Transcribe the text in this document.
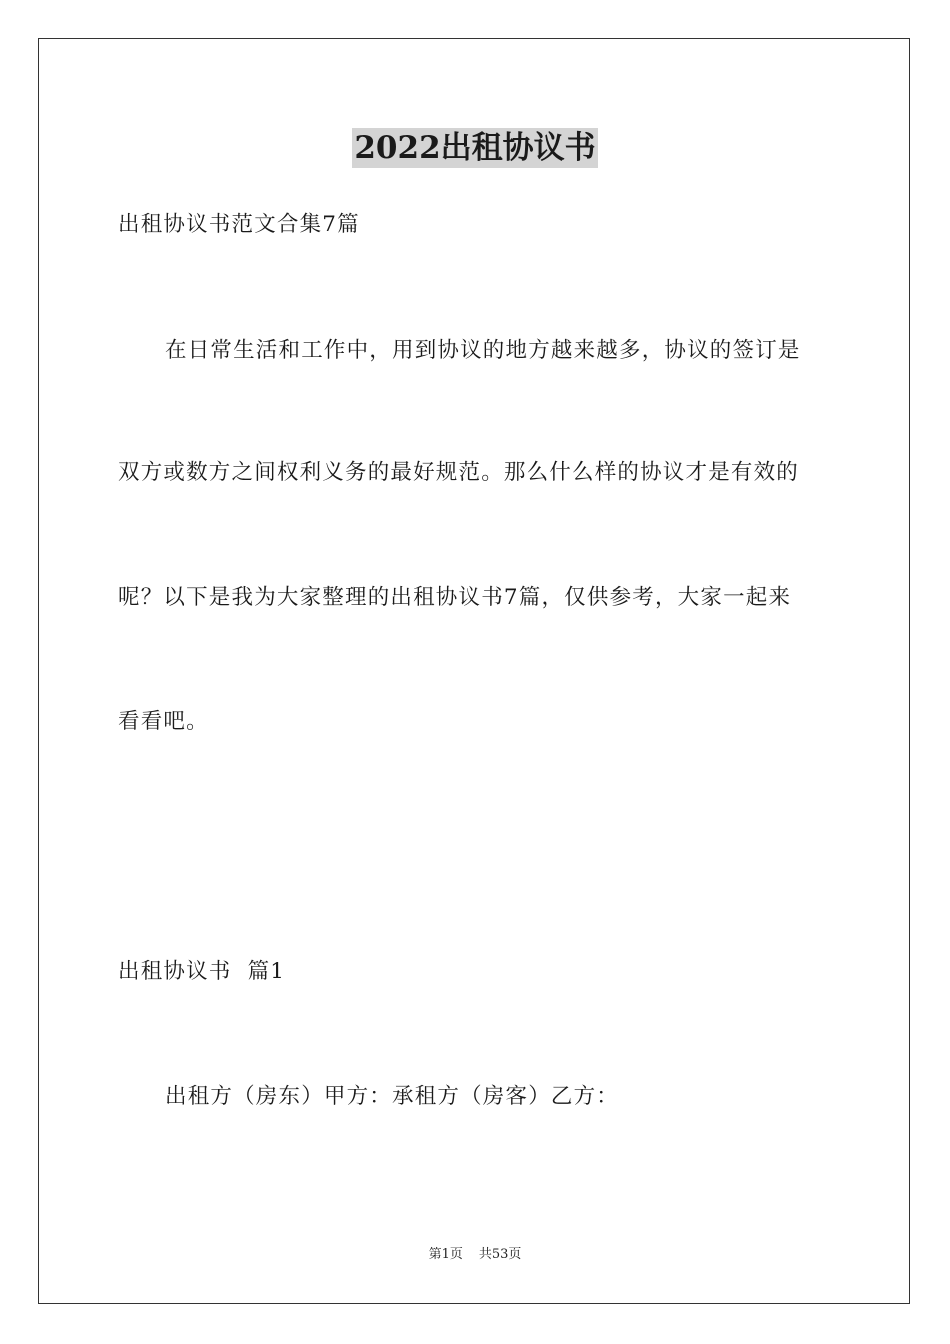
2022出租协议书
出租协议书范文合集7篇
在日常生活和工作中，用到协议的地方越来越多，协议的签订是
双方或数方之间权利义务的最好规范。那么什么样的协议才是有效的
呢？以下是我为大家整理的出租协议书7篇，仅供参考，大家一起来
看看吧。
出租协议书  篇1
出租方（房东）甲方：承租方（房客）乙方：
第1页 共53页
